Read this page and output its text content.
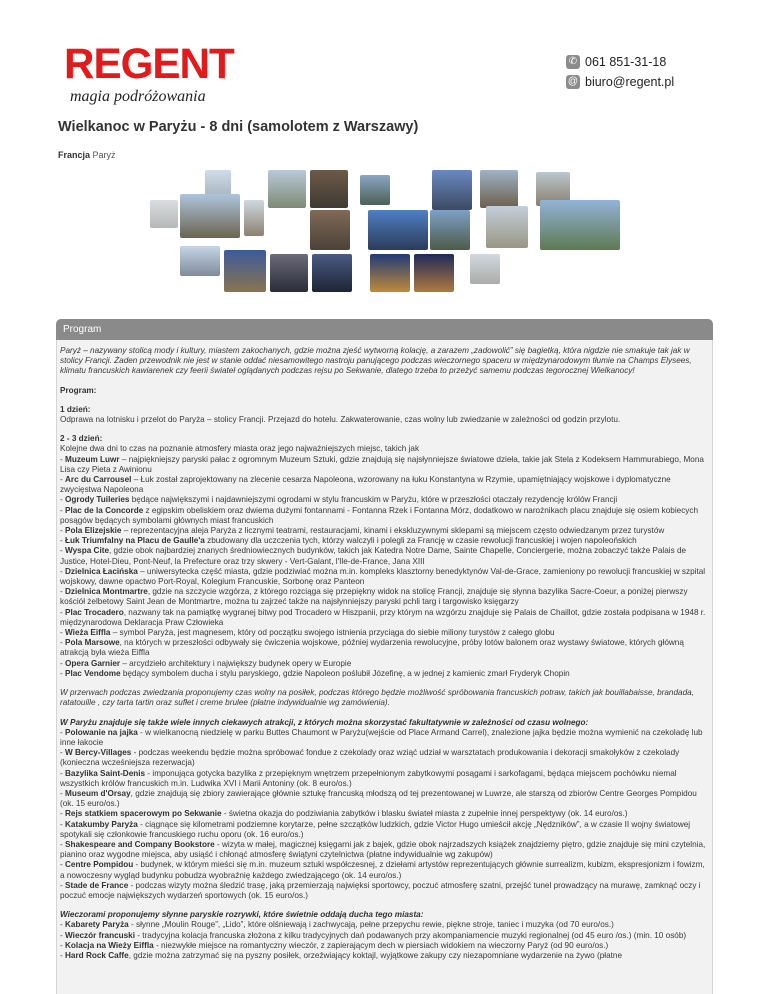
REGENT
magia podróżowania
✆ 061 851-31-18
@ biuro@regent.pl
Wielkanoc w Paryżu - 8 dni (samolotem z Warszawy)
Francja Paryż
Program

Paryż – nazywany stolicą mody i kultury, miastem zakochanych, gdzie można zjeść wytworną kolację, a zarazem „zadowolić” się bagietką, która nigdzie nie smakuje tak jak w stolicy Francji. Żaden przewodnik nie jest w stanie oddać niesamowitego nastroju panującego podczas wieczornego spaceru w międzynarodowym tłumie na Champs Elysees, klimatu francuskich kawiarenek czy feerii świateł oglądanych podczas rejsu po Sekwanie, dlatego trzeba to przeżyć samemu podczas tegorocznej Wielkanocy!

Program:

1 dzień:

Odprawa na lotnisku i przelot do Paryża – stolicy Francji. Przejazd do hotelu. Zakwaterowanie, czas wolny lub zwiedzanie w zależności od godzin przylotu.

2 - 3 dzień:

Kolejne dwa dni to czas na poznanie atmosfery miasta oraz jego najważniejszych miejsc, takich jak

- Muzeum Luwr – najpiękniejszy paryski pałac z ogromnym Muzeum Sztuki, gdzie znajdują się najsłynniejsze światowe dzieła, takie jak Stela z Kodeksem Hammurabiego, Mona Lisa czy Pieta z Awinionu

- Arc du Carrousel – Łuk został zaprojektowany na zlecenie cesarza Napoleona, wzorowany na łuku Konstantyna w Rzymie, upamiętniający wojskowe i dyplomatyczne zwycięstwa Napoleona

- Ogrody Tuileries będące największymi i najdawniejszymi ogrodami w stylu francuskim w Paryżu, które w przeszłości otaczały rezydencję królów Francji

- Plac de la Concorde z egipskim obeliskiem oraz dwiema dużymi fontannami - Fontanna Rzek i Fontanna Mórz, dodatkowo w narożnikach placu znajduje się osiem kobiecych posągów będących symbolami głównych miast francuskich

- Pola Elizejskie – reprezentacyjna aleja Paryża z licznymi teatrami, restauracjami, kinami i ekskluzywnymi sklepami są miejscem często odwiedzanym przez turystów

- Łuk Triumfalny na Placu de Gaulle'a zbudowany dla uczczenia tych, którzy walczyli i polegli za Francję w czasie rewolucji francuskiej i wojen napoleońskich

- Wyspa Cite, gdzie obok najbardziej znanych średniowiecznych budynków, takich jak Katedra Notre Dame, Sainte Chapelle, Conciergerie, można zobaczyć także Palais de Justice, Hotel-Dieu, Pont-Neuf, la Prefecture oraz trzy skwery - Vert-Galant, l'Ile-de-France, Jana XIII

- Dzielnica Łacińska – uniwersytecka część miasta, gdzie podziwiać można m.in. kompleks klasztorny benedyktynów Val-de-Grace, zamieniony po rewolucji francuskiej w szpital wojskowy, dawne opactwo Port-Royal, Kolegium Francuskie, Sorbonę oraz Panteon

- Dzielnica Montmartre, gdzie na szczycie wzgórza, z którego rozciąga się przepiękny widok na stolicę Francji, znajduje się słynna bazylika Sacre-Coeur, a poniżej pierwszy kościół żelbetowy Saint Jean de Montmartre, można tu zajrzeć także na najsłynniejszy paryski pchli targ i targowisko księgarzy

- Plac Trocadero, nazwany tak na pamiątkę wygranej bitwy pod Trocadero w Hiszpanii, przy którym na wzgórzu znajduje się Palais de Chaillot, gdzie została podpisana w 1948 r. międzynarodowa Deklaracja Praw Człowieka

- Wieża Eiffla – symbol Paryża, jest magnesem, który od początku swojego istnienia przyciąga do siebie miliony turystów z całego globu

- Pola Marsowe, na których w przeszłości odbywały się ćwiczenia wojskowe, później wydarzenia rewolucyjne, próby lotów balonem oraz wystawy światowe, których główną atrakcją była wieża Eiffla

- Opera Garnier – arcydzieło architektury i największy budynek opery w Europie

- Plac Vendome będący symbolem ducha i stylu paryskiego, gdzie Napoleon poślubił Józefinę, a w jednej z kamienic zmarł Fryderyk Chopin

W przerwach podczas zwiedzania proponujemy czas wolny na posiłek, podczas którego będzie możliwość spróbowania francuskich potraw, takich jak bouillabaisse, brandada, ratatouille , czy tarta tartin oraz sufłet i creme brulee (płatne indywidualnie wg zamówienia).

W Paryżu znajduje się także wiele innych ciekawych atrakcji, z których można skorzystać fakultatywnie w zależności od czasu wolnego:

- Polowanie na jajka - w wielkanocną niedzielę w parku Buttes Chaumont w Paryżu(wejście od Place Armand Carrel), znalezione jajka będzie można wymienić na czekoladę lub inne łakocie

- W Bercy-Villages - podczas weekendu będzie można spróbować fondue z czekolady oraz wziąć udział w warsztatach produkowania i dekoracji smakołyków z czekolady (konieczna wcześniejsza rezerwacja)

- Bazylika Saint-Denis - imponująca gotycka bazylika z przepięknym wnętrzem przepełnionym zabytkowymi posągami i sarkofagami, będąca miejscem pochówku niemal wszystkich królów francuskich m.in. Ludwika XVI i Marii Antoniny (ok. 8 euro/os.)

- Museum d'Orsay, gdzie znajdują się zbiory zawierające głównie sztukę francuską młodszą od tej prezentowanej w Luwrze, ale starszą od zbiorów Centre Georges Pompidou (ok. 15 euro/os.)

- Rejs statkiem spacerowym po Sekwanie - świetna okazja do podziwiania zabytków i blasku świateł miasta z zupełnie innej perspektywy (ok. 14 euro/os.)

- Katakumby Paryża - ciągnące się kilometrami podziemne korytarze, pełne szczątków ludzkich, gdzie Victor Hugo umieścił akcję „Nędzników”, a w czasie II wojny światowej spotykali się członkowie francuskiego ruchu oporu (ok. 16 euro/os.)

- Shakespeare and Company Bookstore - wizyta w małej, magicznej księgarni jak z bajek, gdzie obok najrzadszych książek znajdziemy piętro, gdzie znajduje się mini czytelnia, pianino oraz wygodne miejsca, aby usiąść i chłonąć atmosferę świątyni czytelnictwa (płatne indywidualnie wg zakupów)

- Centre Pompidou - budynek, w którym mieści się m.in. muzeum sztuki współczesnej, z dziełami artystów reprezentujących głównie surrealizm, kubizm, ekspresjonizm i fowizm, a nowoczesny wygląd budynku pobudza wyobraźnię każdego zwiedzającego (ok. 14 euro/os.)

- Stade de France - podczas wizyty można śledzić trasę, jaką przemierzają najwięksi sportowcy, poczuć atmosferę szatni, przejść tunel prowadzący na murawę, zamknąć oczy i poczuć emocje największych wydarzeń sportowych (ok. 15 euro/os.)

Wieczorami proponujemy słynne paryskie rozrywki, które świetnie oddają ducha tego miasta:

- Kabarety Paryża - słynne „Moulin Rouge”, „Lido”, które olśniewają i zachwycają, pełne przepychu rewie, piękne stroje, taniec i muzyka (od 70 euro/os.)

- Wieczór francuski - tradycyjna kolacja francuska złożona z kilku tradycyjnych dań podawanych przy akompaniamencie muzyki regionalnej (od 45 euro /os.) (min. 10 osób)

- Kolacja na Wieży Eiffla - niezwykłe miejsce na romantyczny wieczór, z zapierającym dech w piersiach widokiem na wieczorny Paryż (od 90 euro/os.)

- Hard Rock Caffe, gdzie można zatrzymać się na pyszny posiłek, orzeźwiający koktajl, wyjątkowe zakupy czy niezapomniane wydarzenie na żywo (płatne
